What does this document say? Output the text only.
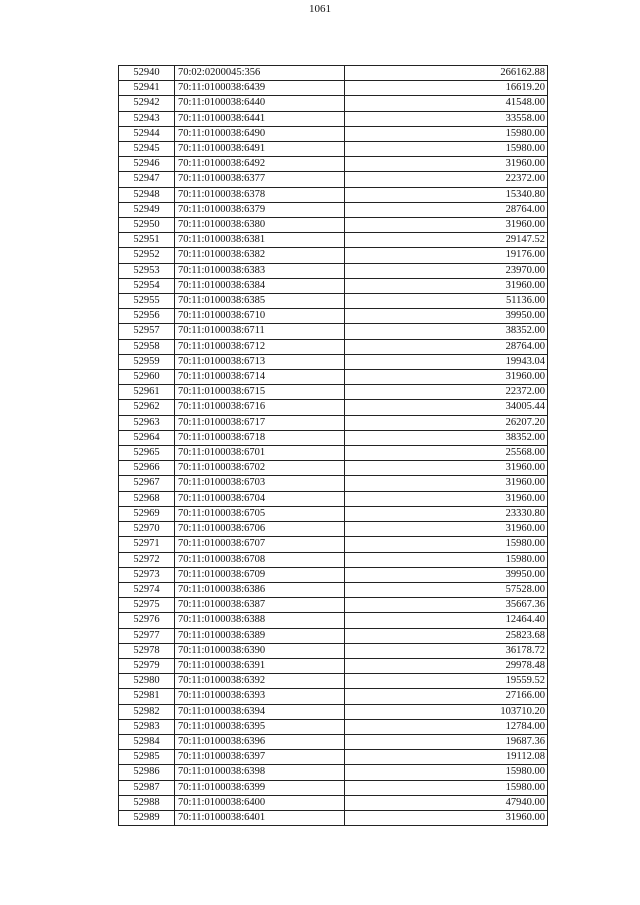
1061
52940	70:02:0200045:356	266162.88
52941	70:11:0100038:6439	16619.20
52942	70:11:0100038:6440	41548.00
52943	70:11:0100038:6441	33558.00
52944	70:11:0100038:6490	15980.00
52945	70:11:0100038:6491	15980.00
52946	70:11:0100038:6492	31960.00
52947	70:11:0100038:6377	22372.00
52948	70:11:0100038:6378	15340.80
52949	70:11:0100038:6379	28764.00
52950	70:11:0100038:6380	31960.00
52951	70:11:0100038:6381	29147.52
52952	70:11:0100038:6382	19176.00
52953	70:11:0100038:6383	23970.00
52954	70:11:0100038:6384	31960.00
52955	70:11:0100038:6385	51136.00
52956	70:11:0100038:6710	39950.00
52957	70:11:0100038:6711	38352.00
52958	70:11:0100038:6712	28764.00
52959	70:11:0100038:6713	19943.04
52960	70:11:0100038:6714	31960.00
52961	70:11:0100038:6715	22372.00
52962	70:11:0100038:6716	34005.44
52963	70:11:0100038:6717	26207.20
52964	70:11:0100038:6718	38352.00
52965	70:11:0100038:6701	25568.00
52966	70:11:0100038:6702	31960.00
52967	70:11:0100038:6703	31960.00
52968	70:11:0100038:6704	31960.00
52969	70:11:0100038:6705	23330.80
52970	70:11:0100038:6706	31960.00
52971	70:11:0100038:6707	15980.00
52972	70:11:0100038:6708	15980.00
52973	70:11:0100038:6709	39950.00
52974	70:11:0100038:6386	57528.00
52975	70:11:0100038:6387	35667.36
52976	70:11:0100038:6388	12464.40
52977	70:11:0100038:6389	25823.68
52978	70:11:0100038:6390	36178.72
52979	70:11:0100038:6391	29978.48
52980	70:11:0100038:6392	19559.52
52981	70:11:0100038:6393	27166.00
52982	70:11:0100038:6394	103710.20
52983	70:11:0100038:6395	12784.00
52984	70:11:0100038:6396	19687.36
52985	70:11:0100038:6397	19112.08
52986	70:11:0100038:6398	15980.00
52987	70:11:0100038:6399	15980.00
52988	70:11:0100038:6400	47940.00
52989	70:11:0100038:6401	31960.00
